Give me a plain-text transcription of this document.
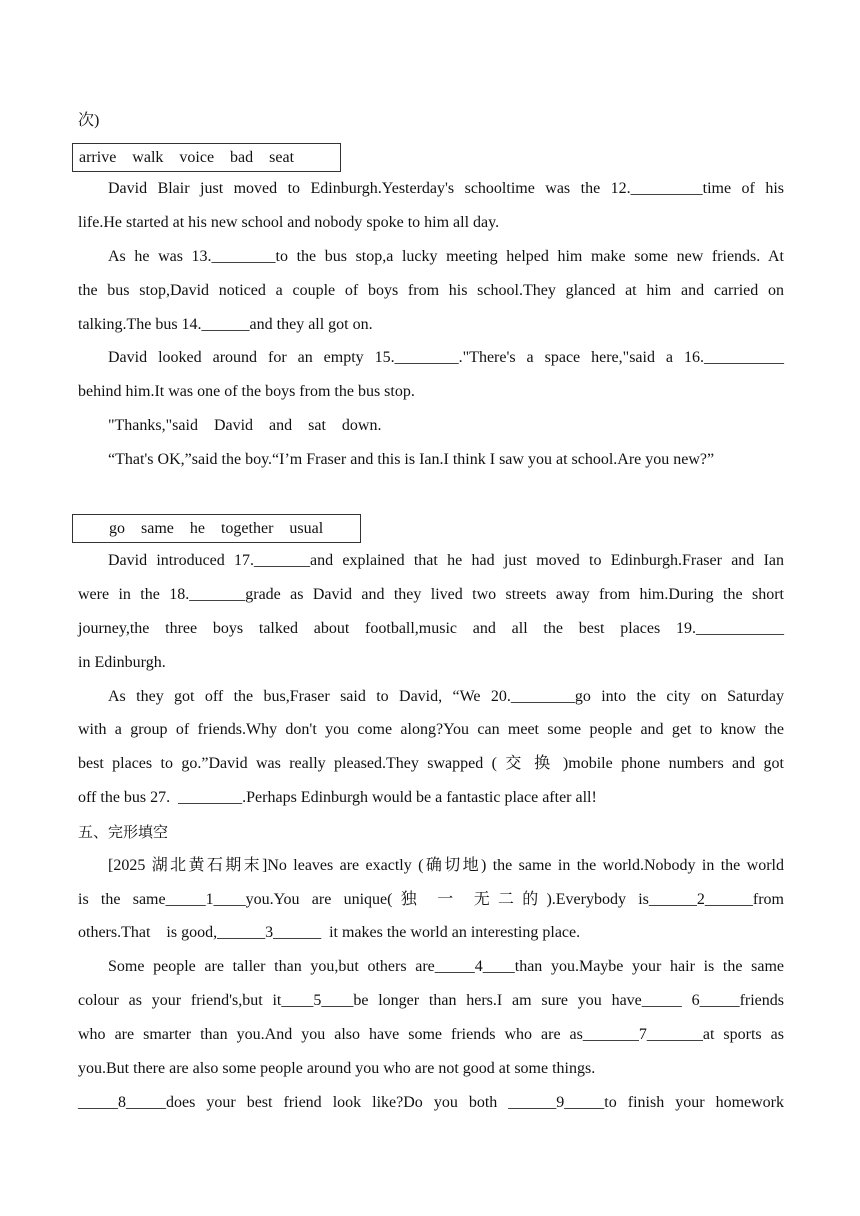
次)
arrive    walk    voice    bad    seat
David Blair just moved to Edinburgh.Yesterday's schooltime was the 12._________time of his
life.He started at his new school and nobody spoke to him all day.
As he was 13.________to the bus stop,a lucky meeting helped him make some new friends. At
the bus stop,David noticed a couple of boys from his school.They glanced at him and carried on
talking.The bus 14.______and they all got on.
David looked around for an empty 15.________."There's a space here,"said a 16.__________
behind him.It was one of the boys from the bus stop.
"Thanks,"said    David    and    sat    down.
“That's OK,”said the boy.“I’m Fraser and this is Ian.I think I saw you at school.Are you new?”
go    same    he    together    usual
David introduced 17._______and explained that he had just moved to Edinburgh.Fraser and Ian
were in the 18._______grade as David and they lived two streets away from him.During the short
journey,the three boys talked about football,music and all the best places 19.___________
in Edinburgh.
As they got off the bus,Fraser said to David, “We 20.________go into the city on Saturday
with a group of friends.Why don't you come along?You can meet some people and get to know the
best places to go.”David was really pleased.They swapped ( 交 换 )mobile phone numbers and got
off the bus 27.  ________.Perhaps Edinburgh would be a fantastic place after all!
五、完形填空
[2025 湖北黄石期末]No leaves are exactly (确切地) the same in the world.Nobody in the world
is the same_____1____you.You are unique(独 一 无二的).Everybody is______2______from
others.That    is good,______3______  it makes the world an interesting place.
Some people are taller than you,but others are_____4____than you.Maybe your hair is the same
colour as your friend's,but it____5____be longer than hers.I am sure you have_____ 6_____friends
who are smarter than you.And you also have some friends who are as_______7_______at sports as
you.But there are also some people around you who are not good at some things.
_____8_____does your best friend look like?Do you both ______9_____to finish your homework
